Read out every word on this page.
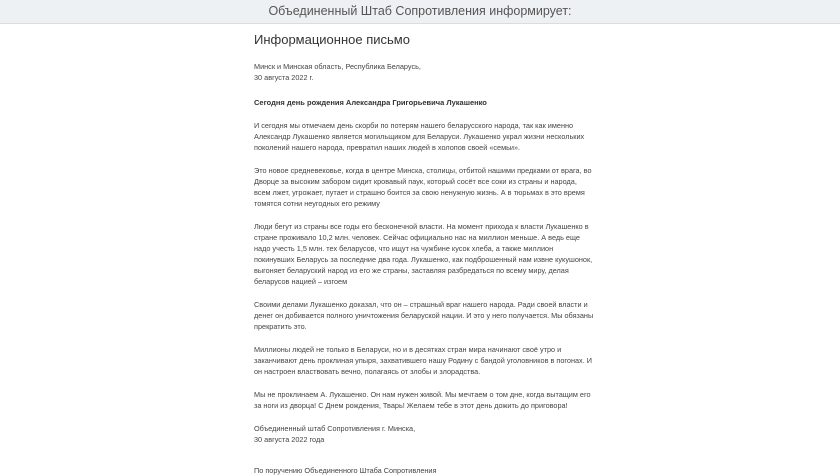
Объединенный Штаб Сопротивления информирует:
Информационное письмо
Минск и Минская область, Республика Беларусь,
30 августа 2022 г.
Сегодня день рождения Александра Григорьевича Лукашенко
И сегодня мы отмечаем день скорби по потерям нашего беларусского народа, так как именно
Александр Лукашенко является могильщиком для Беларуси. Лукашенко украл жизни нескольких
поколений нашего народа, превратил наших людей в холопов своей «семьи».
Это новое средневековье, когда в центре Минска, столицы, отбитой нашими предками от врага, во
Дворце за высоким забором сидит кровавый паук, который сосёт все соки из страны и народа,
всем лжет, угрожает, путает и страшно боится за свою ненужную жизнь. А в тюрьмах в это время
томятся сотни неугодных его режиму
Люди бегут из страны все годы его бесконечной власти. На момент прихода к власти Лукашенко в
стране проживало 10,2 млн. человек. Сейчас официально нас на миллион меньше. А ведь еще
надо учесть 1,5 млн. тех беларусов, что ищут на чужбине кусок хлеба, а также миллион
покинувших Беларусь за последние два года. Лукашенко, как подброшенный нам извне кукушонок,
выгоняет беларуский народ из его же страны, заставляя разбредаться по всему миру, делая
беларусов нацией – изгоем
Своими делами Лукашенко доказал, что он – страшный враг нашего народа. Ради своей власти и
денег он добивается полного уничтожения беларуской нации. И это у него получается. Мы обязаны
прекратить это.
Миллионы людей не только в Беларуси, но и в десятках стран мира начинают своё утро и
заканчивают день проклиная упыря, захватившего нашу Родину с бандой уголовников в погонах. И
он настроен властвовать вечно, полагаясь от злобы и злорадства.
Мы не проклинаем А. Лукашенко. Он нам нужен живой. Мы мечтаем о том дне, когда вытащим его
за ноги из дворца! С Днем рождения, Тварь! Желаем тебе в этот день дожить до приговора!
Объединенный штаб Сопротивления г. Минска,
30 августа 2022 года
По поручению Объединенного Штаба Сопротивления
